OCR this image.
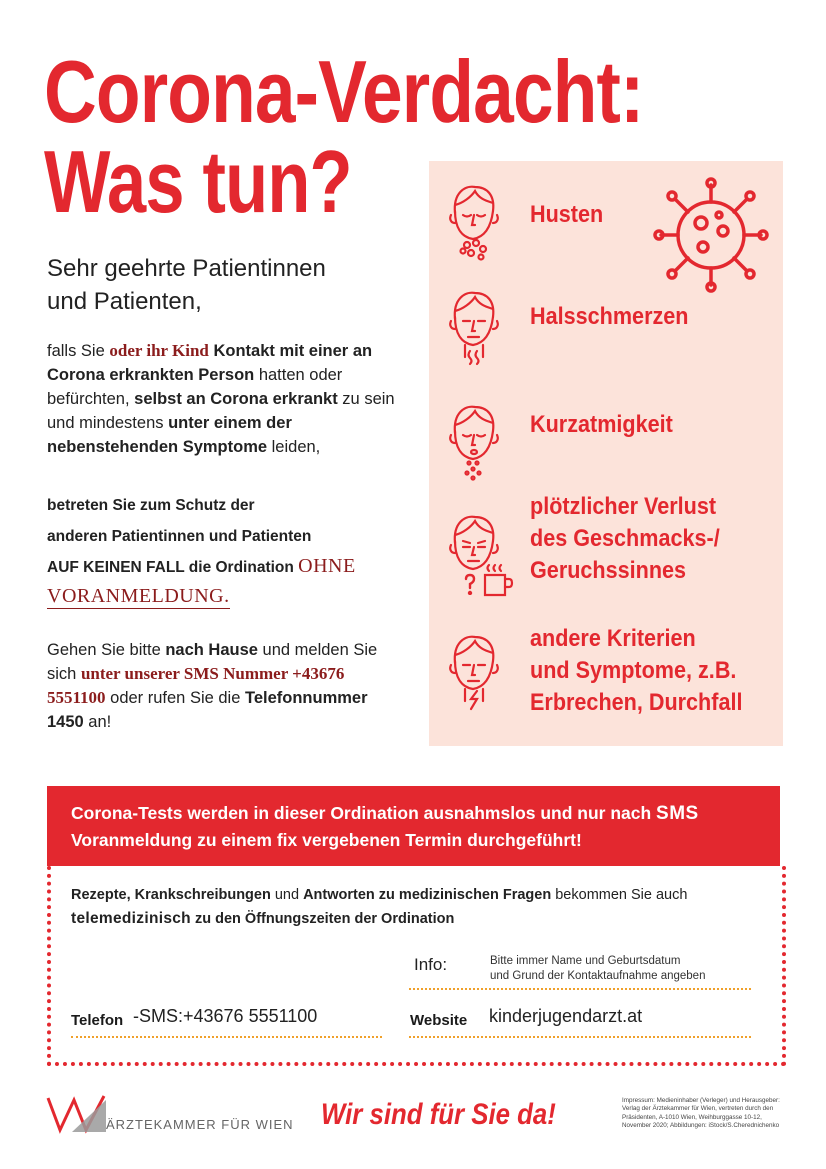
Corona-Verdacht:
Was tun?
Sehr geehrte Patientinnen
und Patienten,
falls Sie oder ihr Kind Kontakt mit einer an Corona erkrankten Person hatten oder befürchten, selbst an Corona erkrankt zu sein und mindestens unter einem der nebenstehenden Symptome leiden,
betreten Sie zum Schutz der
anderen Patientinnen und Patienten
AUF KEINEN FALL die Ordination OHNE
VORANMELDUNG.
Gehen Sie bitte nach Hause und melden Sie sich unter unserer SMS Nummer +43676 5551100 oder rufen Sie die Telefonnummer 1450 an!
Husten
Halsschmerzen
Kurzatmigkeit
plötzlicher Verlust
des Geschmacks-/
Geruchssinnes
andere Kriterien
und Symptome, z.B.
Erbrechen, Durchfall
Corona-Tests werden in dieser Ordination ausnahmslos und nur nach SMS
Voranmeldung zu einem fix vergebenen Termin durchgeführt!
Rezepte, Krankschreibungen und Antworten zu medizinischen Fragen bekommen Sie auch
telemedizinisch zu den Öffnungszeiten der Ordination
Info:	Bitte immer Name und Geburtsdatum
und Grund der Kontaktaufnahme angeben
Telefon -SMS:+43676 5551100	Website kinderjugendarzt.at
ÄRZTEKAMMER FÜR WIEN Wir sind für Sie da!	Impressum: Medieninhaber (Verleger) und Herausgeber: Verlag der Ärztekammer für Wien, vertreten durch den Präsidenten, A-1010 Wien, Weihburggasse 10-12, November 2020; Abbildungen: iStock/S.Cherednichenko
